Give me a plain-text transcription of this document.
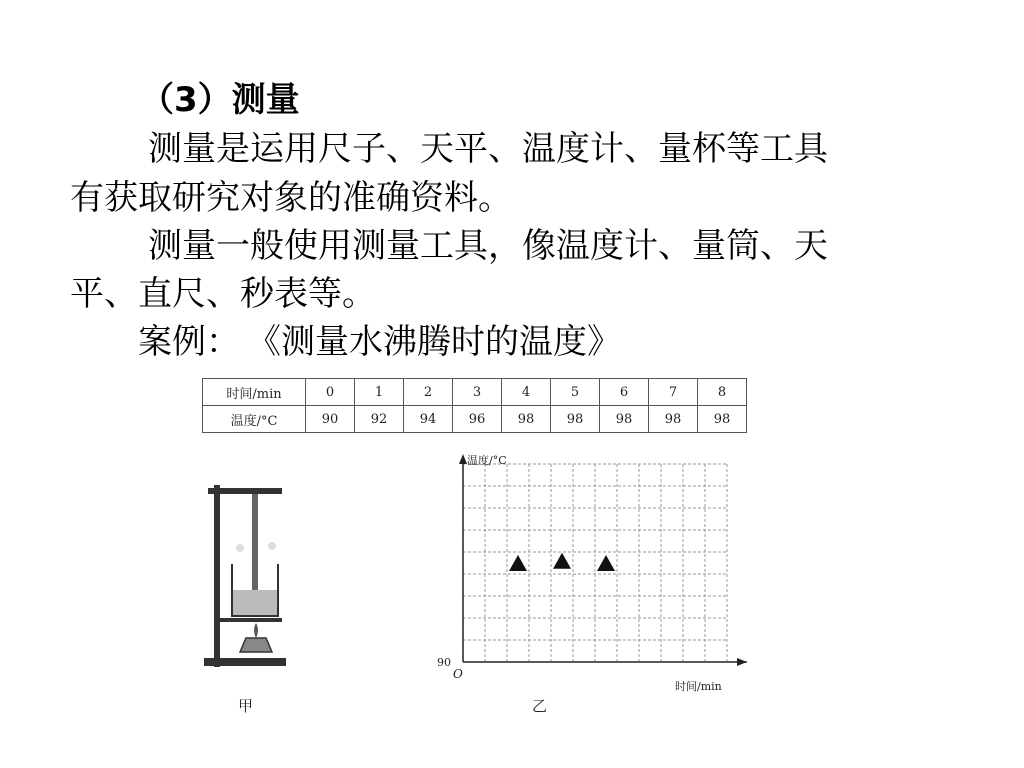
（3）测量
测量是运用尺子、天平、温度计、量杯等工具
有获取研究对象的准确资料。
测量一般使用测量工具，像温度计、量筒、天
平、直尺、秒表等。
案例： 《测量水沸腾时的温度》
时间/min	0	1	2	3	4	5	6	7	8
温度/°C	90	92	94	96	98	98	98	98	98
甲
温度/°C
时间/min
O
90
乙
